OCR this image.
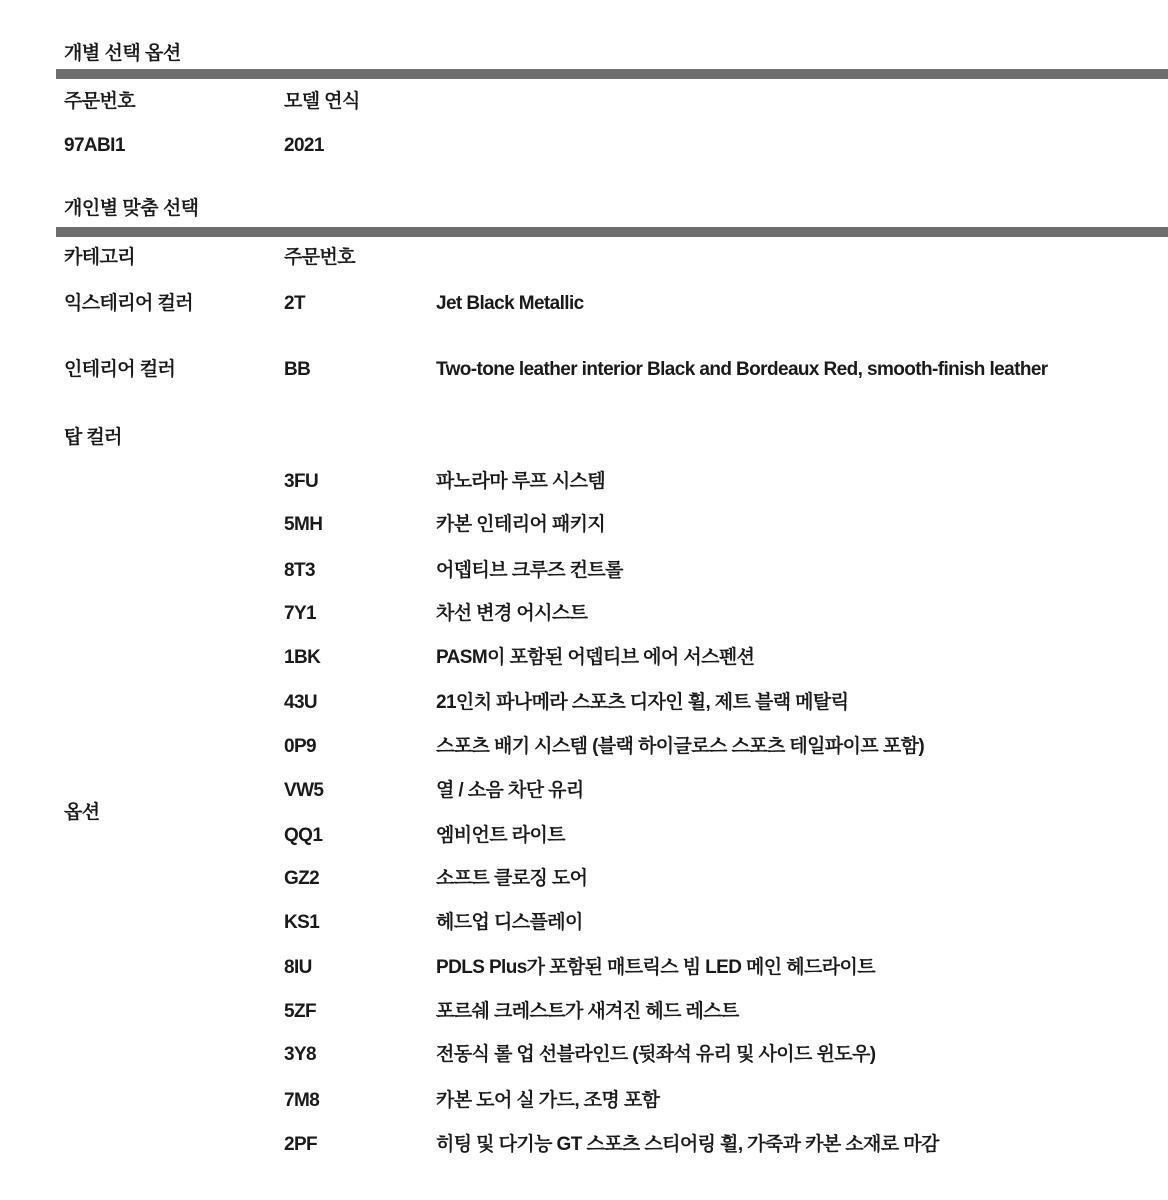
개별 선택 옵션
주문번호	모델 연식
97ABI1	2021
개인별 맞춤 선택
카테고리	주문번호
익스테리어 컬러	2T	Jet Black Metallic
인테리어 컬러	BB	Two-tone leather interior Black and Bordeaux Red, smooth-finish leather
탑 컬러
옵션
3FU	파노라마 루프 시스템
5MH	카본 인테리어 패키지
8T3	어뎁티브 크루즈 컨트롤
7Y1	차선 변경 어시스트
1BK	PASM이 포함된 어뎁티브 에어 서스펜션
43U	21인치 파나메라 스포츠 디자인 휠, 제트 블랙 메탈릭
0P9	스포츠 배기 시스템 (블랙 하이글로스 스포츠 테일파이프 포함)
VW5	열 / 소음 차단 유리
QQ1	엠비언트 라이트
GZ2	소프트 클로징 도어
KS1	헤드업 디스플레이
8IU	PDLS Plus가 포함된 매트릭스 빔 LED 메인 헤드라이트
5ZF	포르쉐 크레스트가 새겨진 헤드 레스트
3Y8	전동식 롤 업 선블라인드 (뒷좌석 유리 및 사이드 윈도우)
7M8	카본 도어 실 가드, 조명 포함
2PF	히팅 및 다기능 GT 스포츠 스티어링 휠, 가죽과 카본 소재로 마감
